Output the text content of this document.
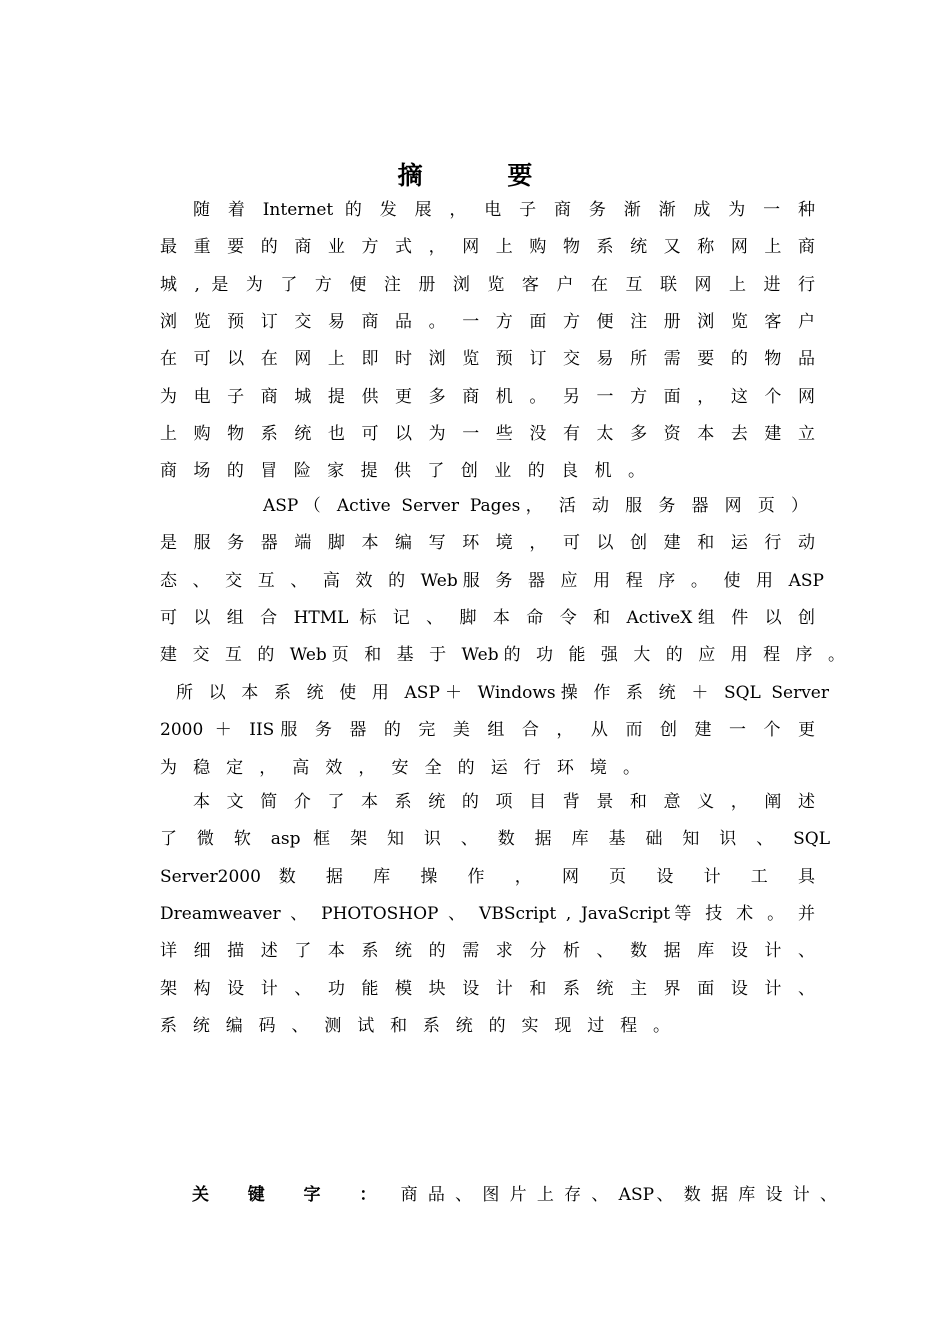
摘 要
随 着 Internet 的 发 展 ， 电 子 商 务 渐 渐 成 为 一 种
最 重 要 的 商 业 方 式 ， 网 上 购 物 系 统 又 称 网 上 商
城 , 是 为 了 方 便 注 册 浏 览 客 户 在 互 联 网 上 进 行
浏 览 预 订 交 易 商 品 。 一 方 面 方 便 注 册 浏 览 客 户
在 可 以 在 网 上 即 时 浏 览 预 订 交 易 所 需 要 的 物 品
为 电 子 商 城 提 供 更 多 商 机 。 另 一 方 面 ， 这 个 网
上 购 物 系 统 也 可 以 为 一 些 没 有 太 多 资 本 去 建 立
商 场 的 冒 险 家 提 供 了 创 业 的 良 机 。
ASP（ Active Server Pages， 活 动 服 务 器 网 页 ）
是 服 务 器 端 脚 本 编 写 环 境 ， 可 以 创 建 和 运 行 动
态 、 交 互 、 高 效 的 Web服 务 器 应 用 程 序 。 使 用 ASP
可 以 组 合 HTML 标 记 、 脚 本 命 令 和 ActiveX组 件 以 创
建 交 互 的 Web页 和 基 于 Web的 功 能 强 大 的 应 用 程 序 。
所 以 本 系 统 使 用 ASP＋ Windows操 作 系 统 ＋ SQL Server
2000 ＋ IIS服 务 器 的 完 美 组 合 ， 从 而 创 建 一 个 更
为 稳 定 ， 高 效 ， 安 全 的 运 行 环 境 。
本 文 简 介 了 本 系 统 的 项 目 背 景 和 意 义 ， 阐 述
了 微 软 asp 框 架 知 识 、 数 据 库 基 础 知 识 、 SQL
Server2000 数 据 库 操 作 ， 网 页 设 计 工 具
Dreamweaver 、 PHOTOSHOP 、 VBScript , JavaScript等 技 术 。 并
详 细 描 述 了 本 系 统 的 需 求 分 析 、 数 据 库 设 计 、
架 构 设 计 、 功 能 模 块 设 计 和 系 统 主 界 面 设 计 、
系 统 编 码 、 测 试 和 系 统 的 实 现 过 程 。
关 键 字 ： 商 品 、 图 片 上 存 、 ASP、 数 据 库 设 计 、
